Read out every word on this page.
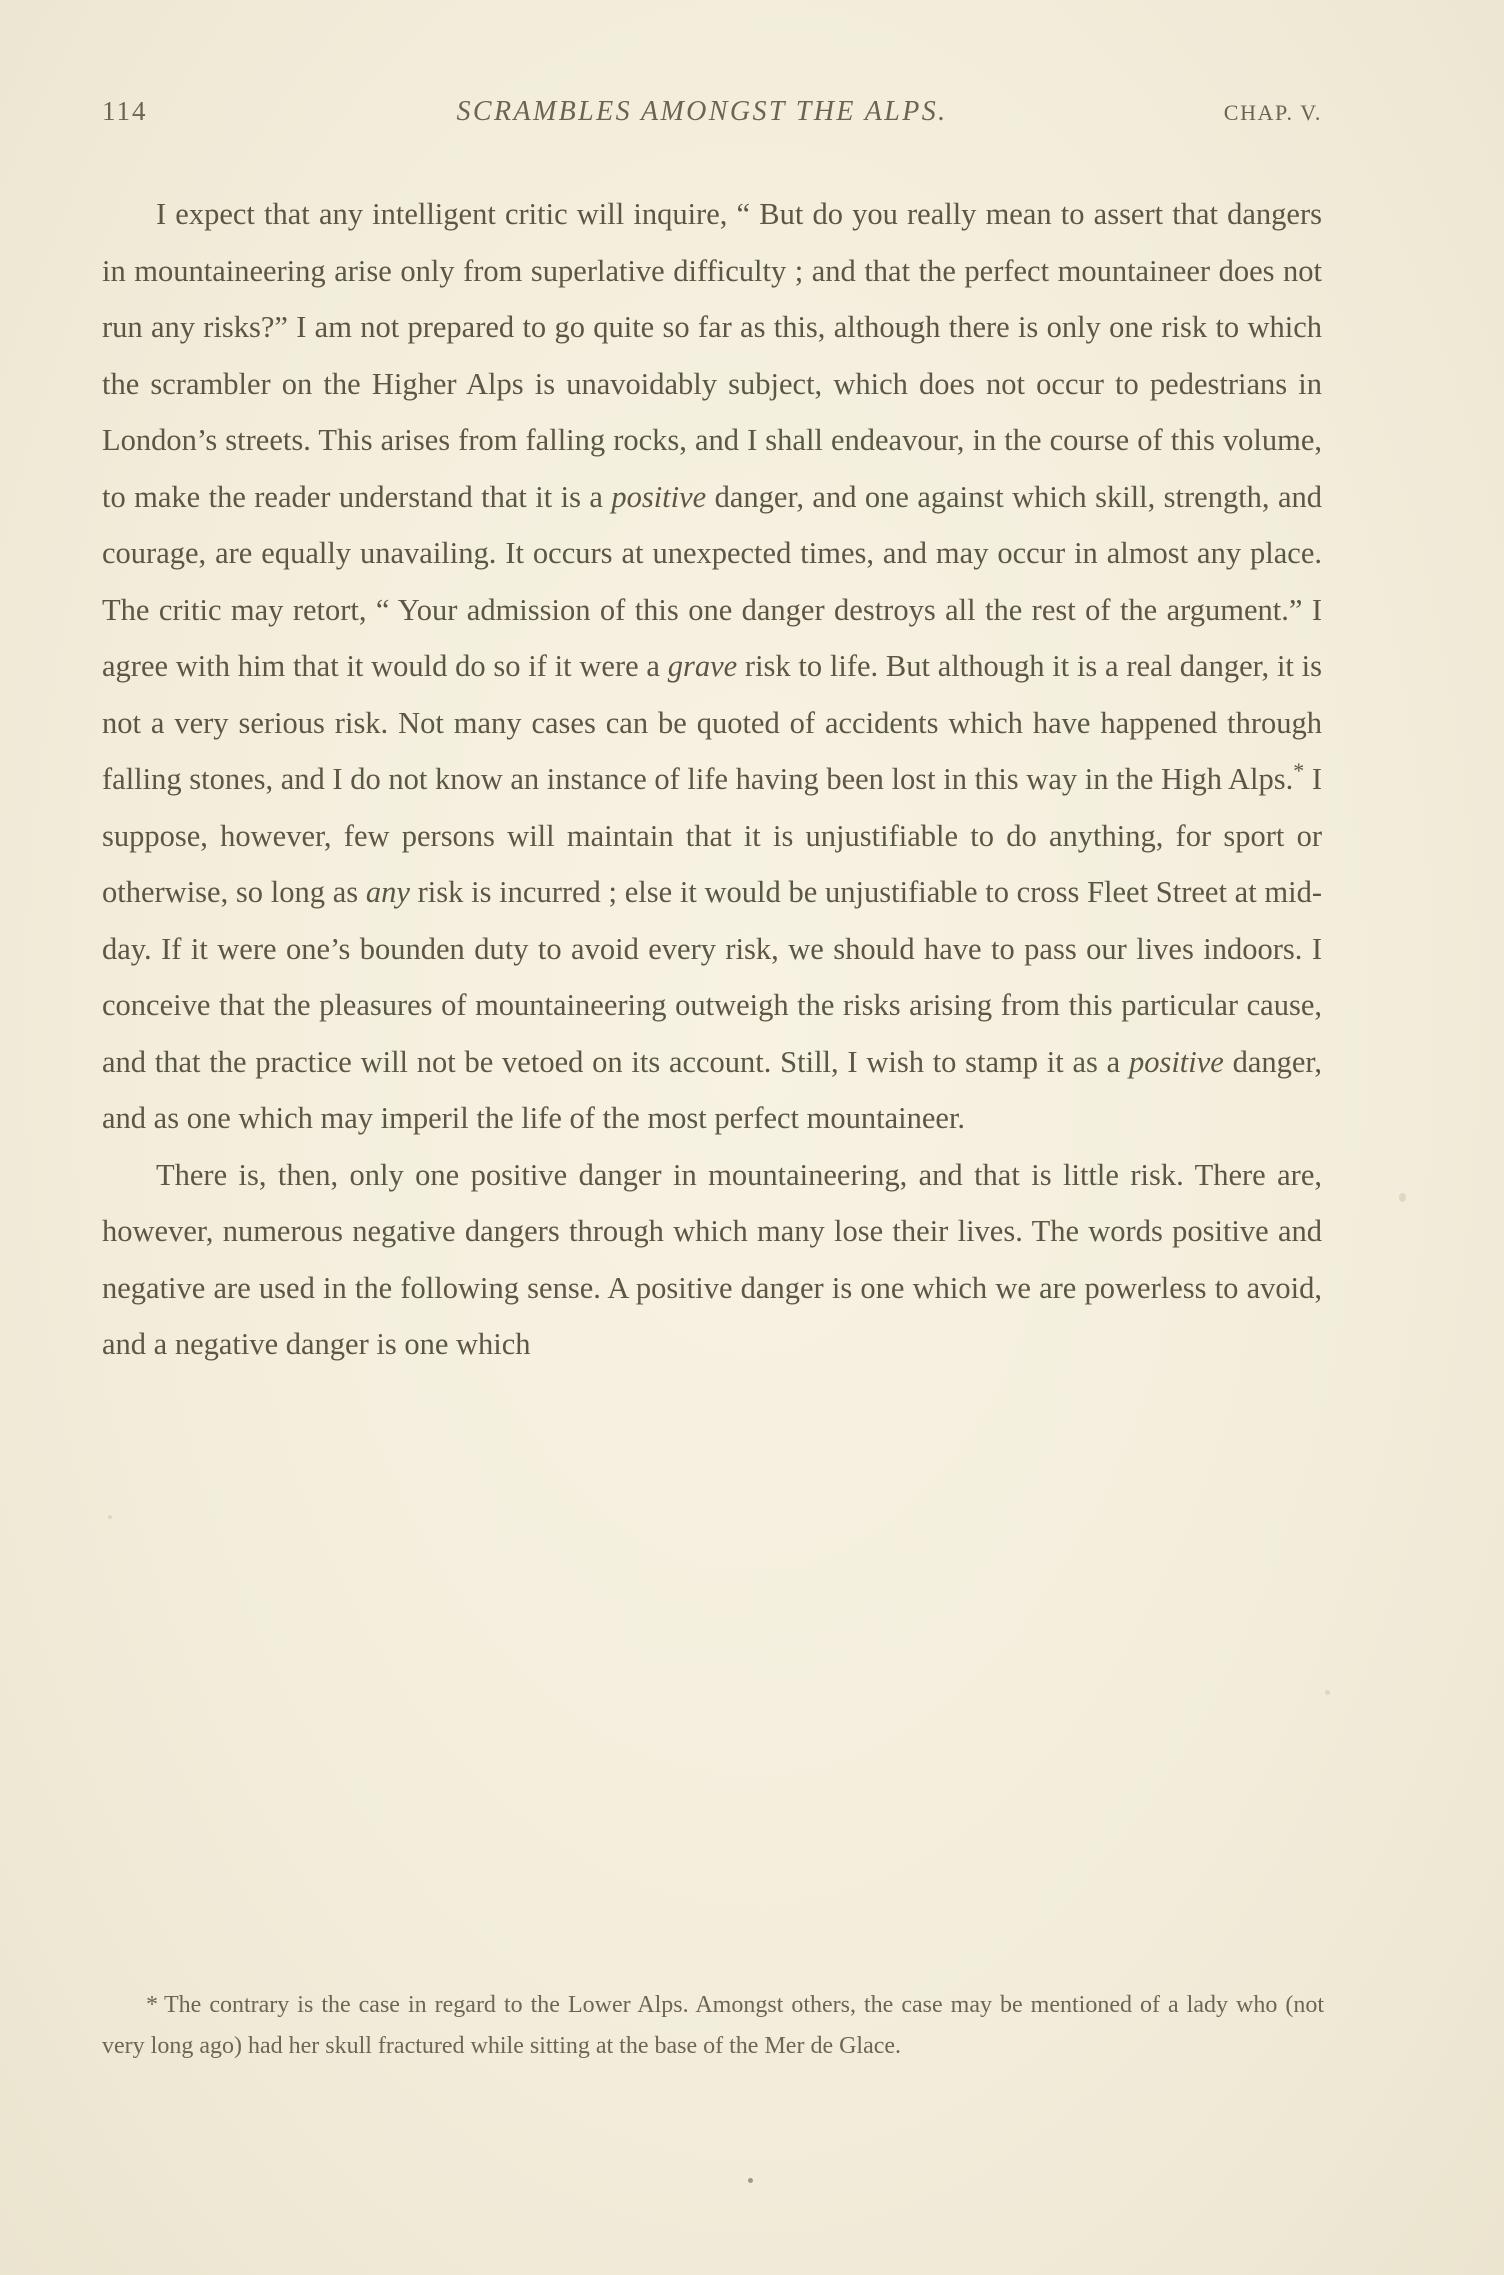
114	SCRAMBLES AMONGST THE ALPS.	CHAP. V.

I expect that any intelligent critic will inquire, “ But do you really mean to assert that dangers in mountaineering arise only from superlative difficulty ; and that the perfect mountaineer does not run any risks?” I am not prepared to go quite so far as this, although there is only one risk to which the scrambler on the Higher Alps is unavoidably subject, which does not occur to pedestrians in London’s streets. This arises from falling rocks, and I shall endeavour, in the course of this volume, to make the reader understand that it is a positive danger, and one against which skill, strength, and courage, are equally unavailing. It occurs at unexpected times, and may occur in almost any place. The critic may retort, “ Your admission of this one danger destroys all the rest of the argument.” I agree with him that it would do so if it were a grave risk to life. But although it is a real danger, it is not a very serious risk. Not many cases can be quoted of accidents which have happened through falling stones, and I do not know an instance of life having been lost in this way in the High Alps.* I suppose, however, few persons will maintain that it is unjustifiable to do anything, for sport or otherwise, so long as any risk is incurred ; else it would be unjustifiable to cross Fleet Street at mid-day. If it were one’s bounden duty to avoid every risk, we should have to pass our lives indoors. I conceive that the pleasures of mountaineering outweigh the risks arising from this particular cause, and that the practice will not be vetoed on its account. Still, I wish to stamp it as a positive danger, and as one which may imperil the life of the most perfect mountaineer.

There is, then, only one positive danger in mountaineering, and that is little risk. There are, however, numerous negative dangers through which many lose their lives. The words positive and negative are used in the following sense. A positive danger is one which we are powerless to avoid, and a negative danger is one which

* The contrary is the case in regard to the Lower Alps. Amongst others, the case may be mentioned of a lady who (not very long ago) had her skull fractured while sitting at the base of the Mer de Glace.
